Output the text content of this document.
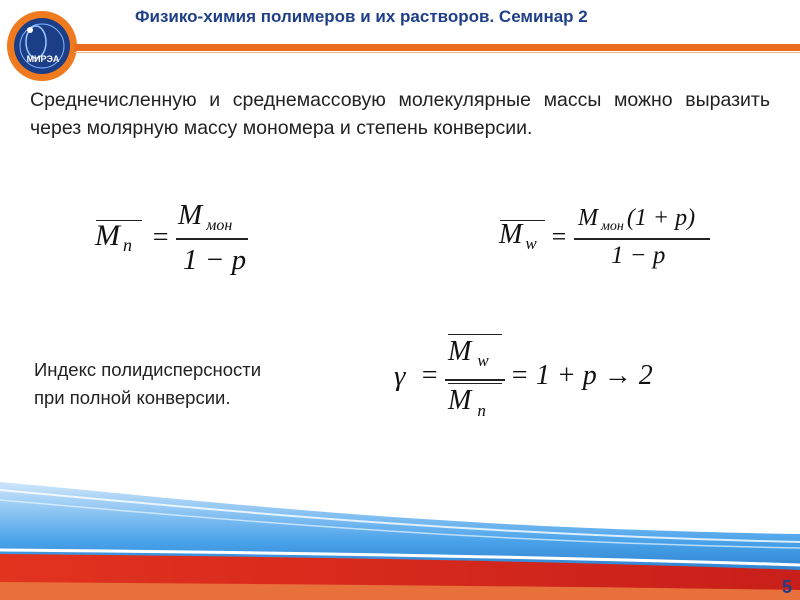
МИРЭА
Физико-химия полимеров и их растворов. Семинар 2
Среднечисленную и среднемассовую молекулярные массы можно выразить через молярную массу мономера и степень конверсии.
M $_n$ =
M $_{мон}$
1 − p
M $_w$ =
M $_{мон}$ (1 + p)
1 − p
Индекс полидисперсности
при полной конверсии.
γ =
M $_w$
M $_n$
= 1 + p → 2
5
